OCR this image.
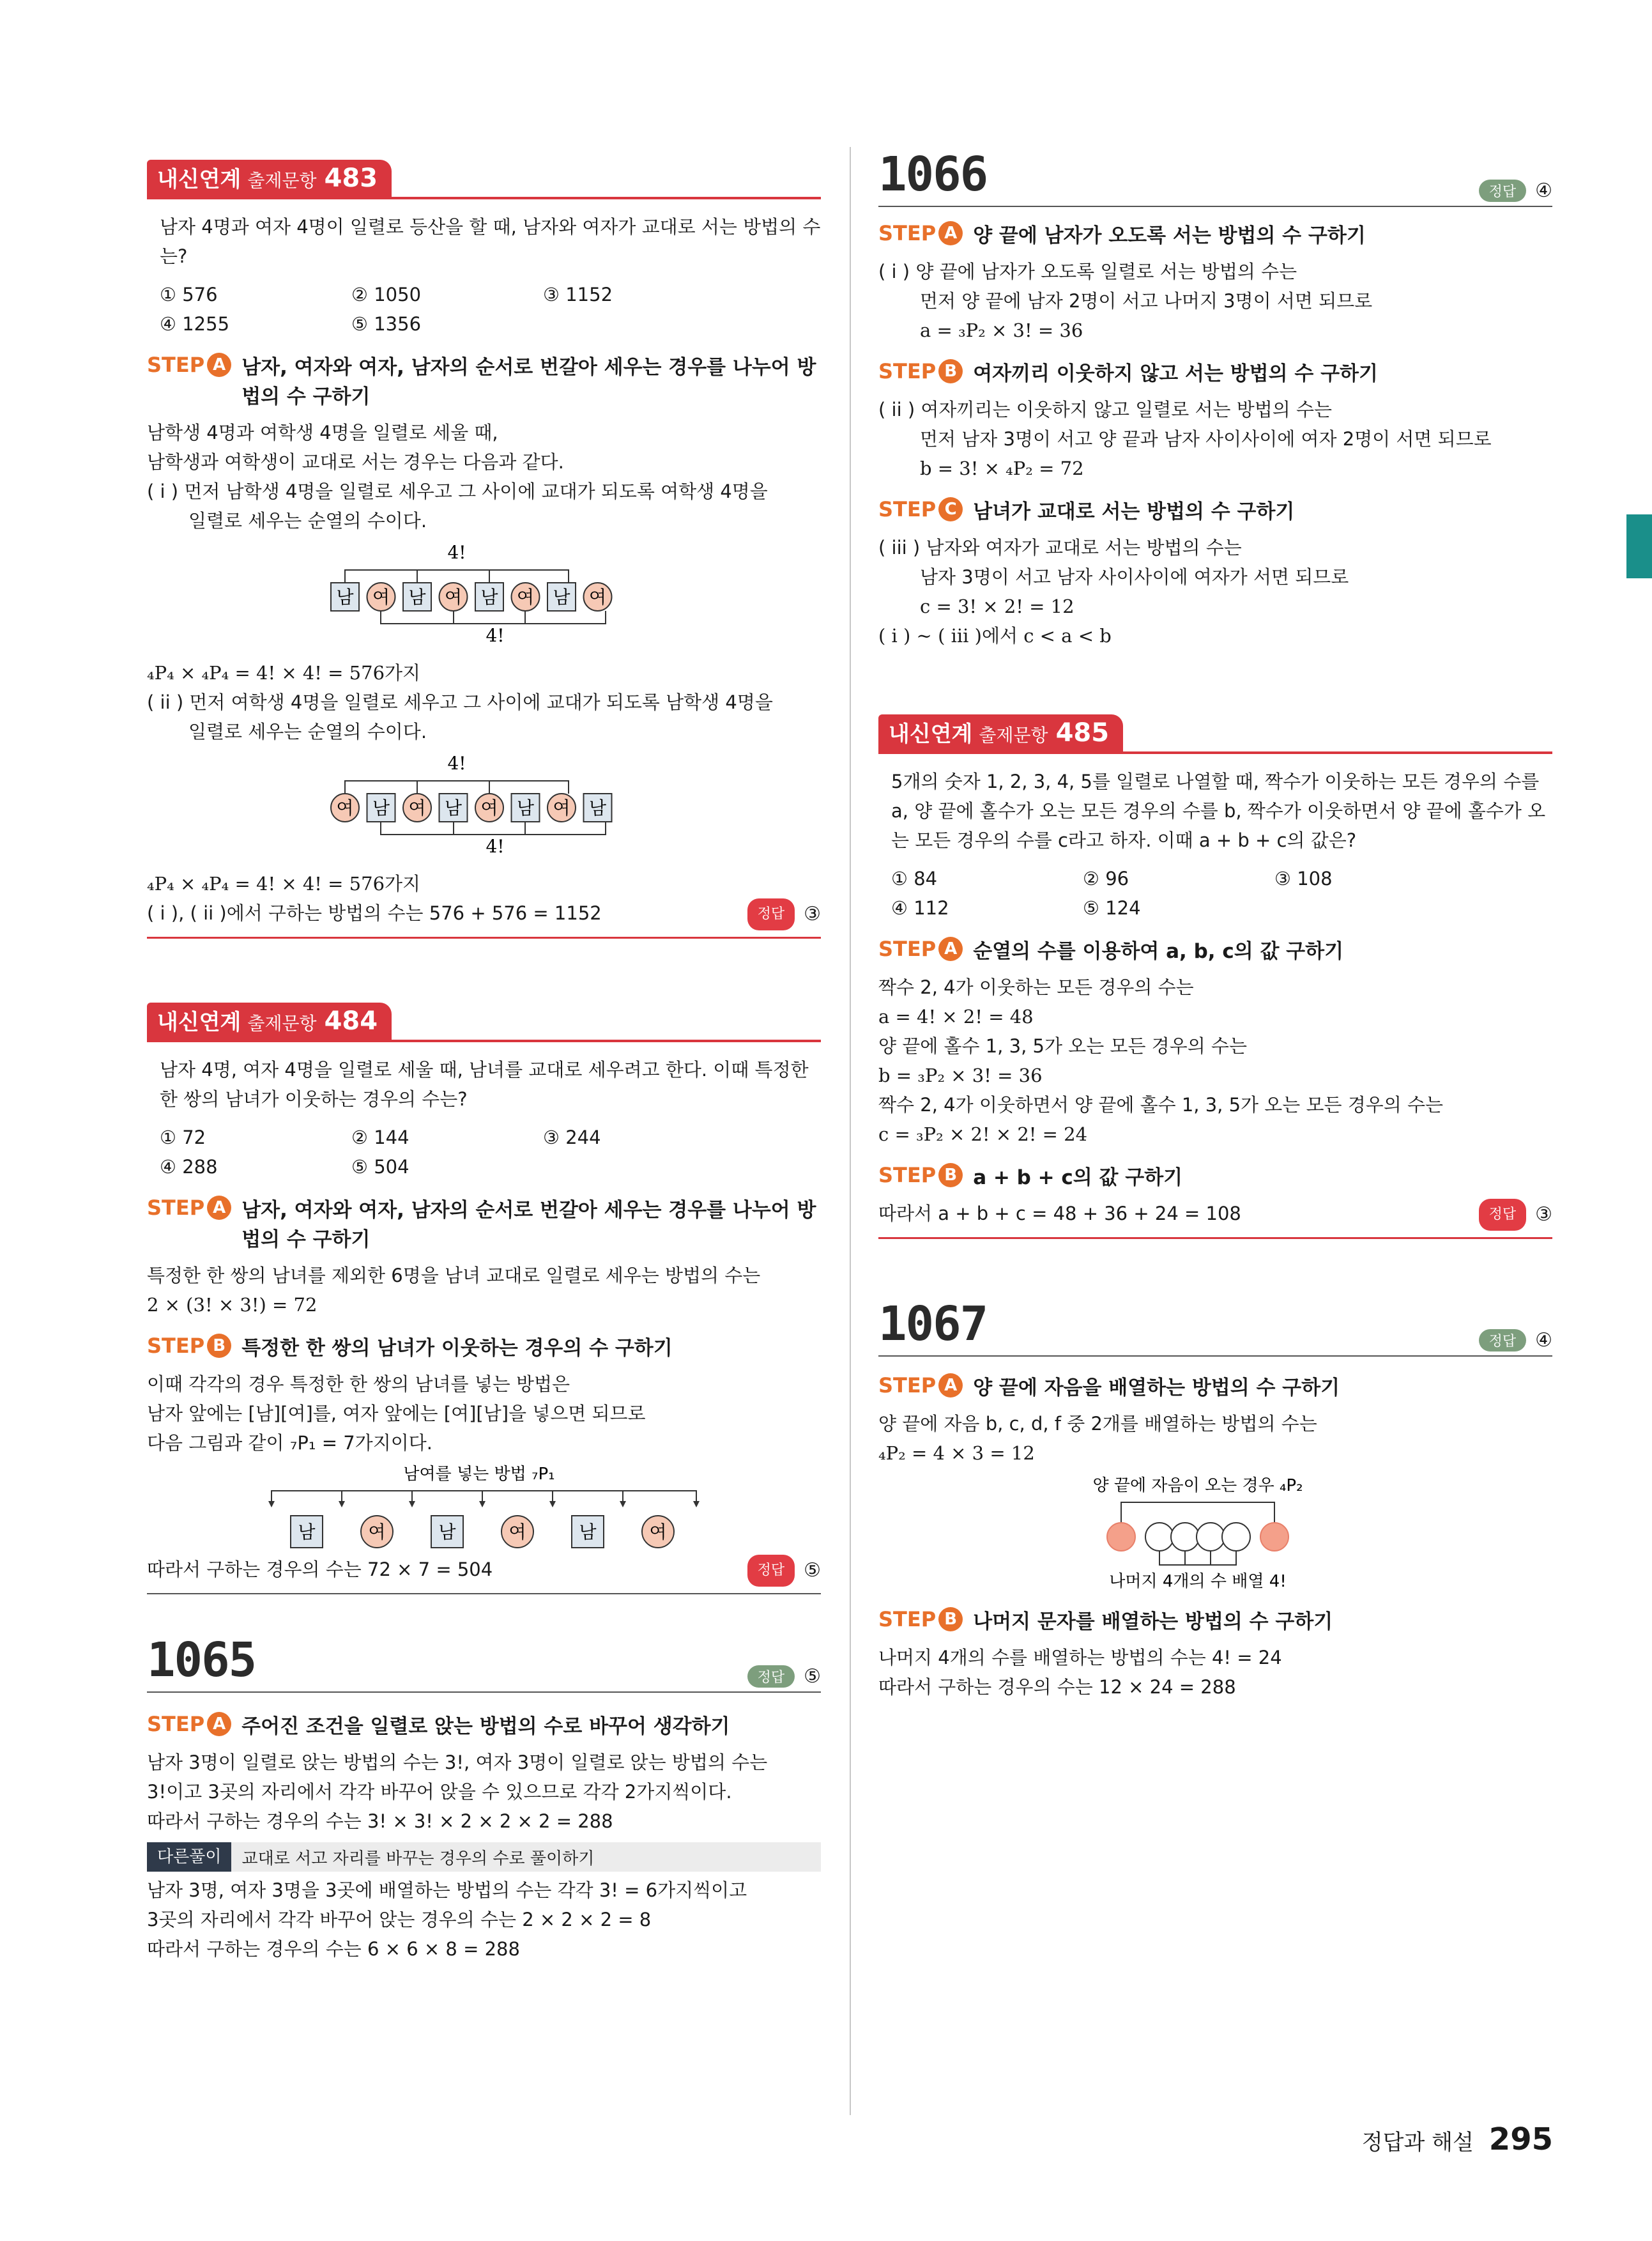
내신연계 출제문항 483

남자 4명과 여자 4명이 일렬로 등산을 할 때, 남자와 여자가 교대로 서는 방법의 수는?

① 576	② 1050	③ 1152
④ 1255	⑤ 1356
STEP A 남자, 여자와 여자, 남자의 순서로 번갈아 세우는 경우를 나누어 방법의 수 구하기

남학생 4명과 여학생 4명을 일렬로 세울 때,

남학생과 여학생이 교대로 서는 경우는 다음과 같다.

( i ) 먼저 남학생 4명을 일렬로 세우고 그 사이에 교대가 되도록 여학생 4명을

일렬로 세우는 순열의 수이다.

4!
남 여 남 여 남 여 남 여
4!

₄P₄ × ₄P₄ = 4! × 4! = 576가지

( ii ) 먼저 여학생 4명을 일렬로 세우고 그 사이에 교대가 되도록 남학생 4명을

일렬로 세우는 순열의 수이다.

4!
여 남 여 남 여 남 여 남
4!

₄P₄ × ₄P₄ = 4! × 4! = 576가지

( i ), ( ii )에서 구하는 방법의 수는 576 + 576 = 1152	정답	③
내신연계 출제문항 484

남자 4명, 여자 4명을 일렬로 세울 때, 남녀를 교대로 세우려고 한다. 이때 특정한 한 쌍의 남녀가 이웃하는 경우의 수는?

① 72	② 144	③ 244
④ 288	⑤ 504
STEP A 남자, 여자와 여자, 남자의 순서로 번갈아 세우는 경우를 나누어 방법의 수 구하기

특정한 한 쌍의 남녀를 제외한 6명을 남녀 교대로 일렬로 세우는 방법의 수는

2 × (3! × 3!) = 72

STEP B 특정한 한 쌍의 남녀가 이웃하는 경우의 수 구하기

이때 각각의 경우 특정한 한 쌍의 남녀를 넣는 방법은

남자 앞에는 [남][여]를, 여자 앞에는 [여][남]을 넣으면 되므로

다음 그림과 같이 ₇P₁ = 7가지이다.

남여를 넣는 방법 ₇P₁
남	여	남	여	남	여

따라서 구하는 경우의 수는 72 × 7 = 504	정답	⑤
1065	정답	⑤
STEP A 주어진 조건을 일렬로 앉는 방법의 수로 바꾸어 생각하기

남자 3명이 일렬로 앉는 방법의 수는 3!, 여자 3명이 일렬로 앉는 방법의 수는

3!이고 3곳의 자리에서 각각 바꾸어 앉을 수 있으므로 각각 2가지씩이다.

따라서 구하는 경우의 수는 3! × 3! × 2 × 2 × 2 = 288

다른풀이	교대로 서고 자리를 바꾸는 경우의 수로 풀이하기

남자 3명, 여자 3명을 3곳에 배열하는 방법의 수는 각각 3! = 6가지씩이고

3곳의 자리에서 각각 바꾸어 앉는 경우의 수는 2 × 2 × 2 = 8

따라서 구하는 경우의 수는 6 × 6 × 8 = 288

1066	정답	④
STEP A 양 끝에 남자가 오도록 서는 방법의 수 구하기

( i ) 양 끝에 남자가 오도록 일렬로 서는 방법의 수는

먼저 양 끝에 남자 2명이 서고 나머지 3명이 서면 되므로

a = ₃P₂ × 3! = 36

STEP B 여자끼리 이웃하지 않고 서는 방법의 수 구하기

( ii ) 여자끼리는 이웃하지 않고 일렬로 서는 방법의 수는

먼저 남자 3명이 서고 양 끝과 남자 사이사이에 여자 2명이 서면 되므로

b = 3! × ₄P₂ = 72

STEP C 남녀가 교대로 서는 방법의 수 구하기

( iii ) 남자와 여자가 교대로 서는 방법의 수는

남자 3명이 서고 남자 사이사이에 여자가 서면 되므로

c = 3! × 2! = 12

( i ) ~ ( iii )에서 c < a < b

내신연계 출제문항 485

5개의 숫자 1, 2, 3, 4, 5를 일렬로 나열할 때, 짝수가 이웃하는 모든 경우의 수를 a, 양 끝에 홀수가 오는 모든 경우의 수를 b, 짝수가 이웃하면서 양 끝에 홀수가 오는 모든 경우의 수를 c라고 하자. 이때 a + b + c의 값은?

① 84	② 96	③ 108
④ 112	⑤ 124
STEP A 순열의 수를 이용하여 a, b, c의 값 구하기

짝수 2, 4가 이웃하는 모든 경우의 수는

a = 4! × 2! = 48

양 끝에 홀수 1, 3, 5가 오는 모든 경우의 수는

b = ₃P₂ × 3! = 36

짝수 2, 4가 이웃하면서 양 끝에 홀수 1, 3, 5가 오는 모든 경우의 수는

c = ₃P₂ × 2! × 2! = 24

STEP B a + b + c의 값 구하기

따라서 a + b + c = 48 + 36 + 24 = 108	정답	③
1067	정답	④
STEP A 양 끝에 자음을 배열하는 방법의 수 구하기

양 끝에 자음 b, c, d, f 중 2개를 배열하는 방법의 수는

₄P₂ = 4 × 3 = 12

양 끝에 자음이 오는 경우 ₄P₂
나머지 4개의 수 배열 4!
STEP B 나머지 문자를 배열하는 방법의 수 구하기

나머지 4개의 수를 배열하는 방법의 수는 4! = 24

따라서 구하는 경우의 수는 12 × 24 = 288

정답과 해설 295
